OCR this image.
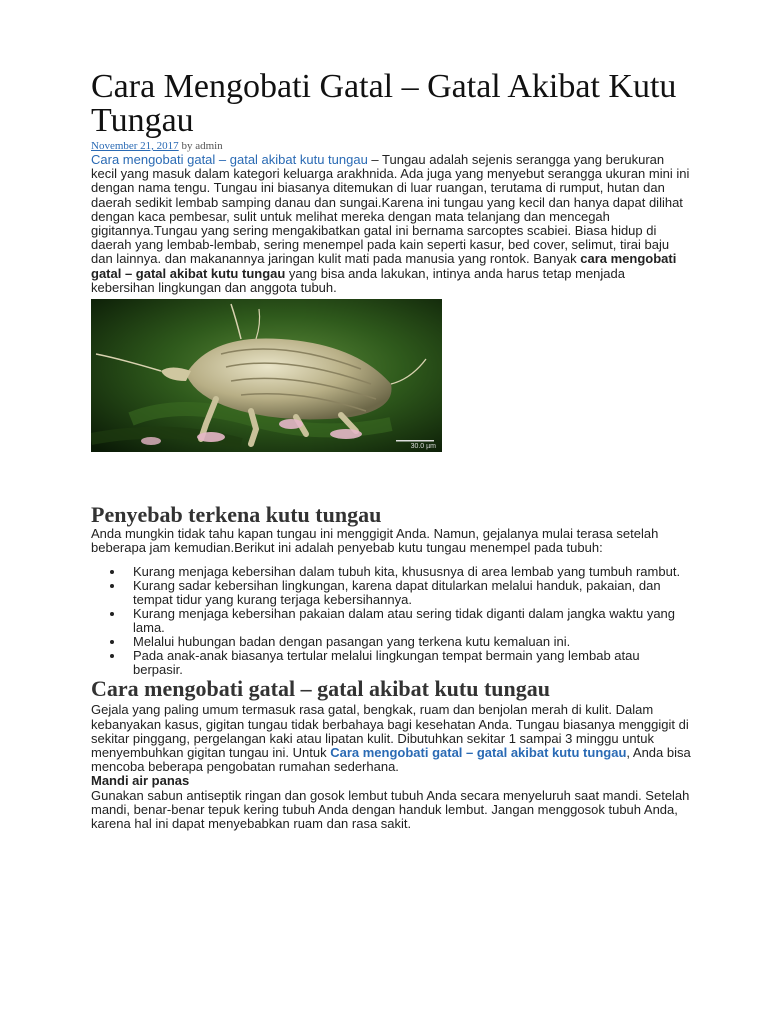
Cara Mengobati Gatal – Gatal Akibat Kutu Tungau
November 21, 2017 by admin

Cara mengobati gatal – gatal akibat kutu tungau – Tungau adalah sejenis serangga yang berukuran kecil yang masuk dalam kategori keluarga arakhnida. Ada juga yang menyebut serangga ukuran mini ini dengan nama tengu. Tungau ini biasanya ditemukan di luar ruangan, terutama di rumput, hutan dan daerah sedikit lembab samping danau dan sungai.Karena ini tungau yang kecil dan hanya dapat dilihat dengan kaca pembesar, sulit untuk melihat mereka dengan mata telanjang dan mencegah gigitannya.Tungau yang sering mengakibatkan gatal ini bernama sarcoptes scabiei. Biasa hidup di daerah yang lembab-lembab, sering menempel pada kain seperti kasur, bed cover, selimut, tirai baju dan lainnya. dan makanannya jaringan kulit mati pada manusia yang rontok. Banyak cara mengobati gatal – gatal akibat kutu tungau yang bisa anda lakukan, intinya anda harus tetap menjada kebersihan lingkungan dan anggota tubuh.

30.0 µm
Penyebab terkena kutu tungau

Anda mungkin tidak tahu kapan tungau ini menggigit Anda. Namun, gejalanya mulai terasa setelah beberapa jam kemudian.Berikut ini adalah penyebab kutu tungau menempel pada tubuh:

• Kurang menjaga kebersihan dalam tubuh kita, khususnya di area lembab yang tumbuh rambut.
• Kurang sadar kebersihan lingkungan, karena dapat ditularkan melalui handuk, pakaian, dan tempat tidur yang kurang terjaga kebersihannya.
• Kurang menjaga kebersihan pakaian dalam atau sering tidak diganti dalam jangka waktu yang lama.
• Melalui hubungan badan dengan pasangan yang terkena kutu kemaluan ini.
• Pada anak-anak biasanya tertular melalui lingkungan tempat bermain yang lembab atau berpasir.
Cara mengobati gatal – gatal akibat kutu tungau

Gejala yang paling umum termasuk rasa gatal, bengkak, ruam dan benjolan merah di kulit. Dalam kebanyakan kasus, gigitan tungau tidak berbahaya bagi kesehatan Anda. Tungau biasanya menggigit di sekitar pinggang, pergelangan kaki atau lipatan kulit. Dibutuhkan sekitar 1 sampai 3 minggu untuk menyembuhkan gigitan tungau ini. Untuk Cara mengobati gatal – gatal akibat kutu tungau, Anda bisa mencoba beberapa pengobatan rumahan sederhana.

Mandi air panas

Gunakan sabun antiseptik ringan dan gosok lembut tubuh Anda secara menyeluruh saat mandi. Setelah mandi, benar-benar tepuk kering tubuh Anda dengan handuk lembut. Jangan menggosok tubuh Anda, karena hal ini dapat menyebabkan ruam dan rasa sakit.
